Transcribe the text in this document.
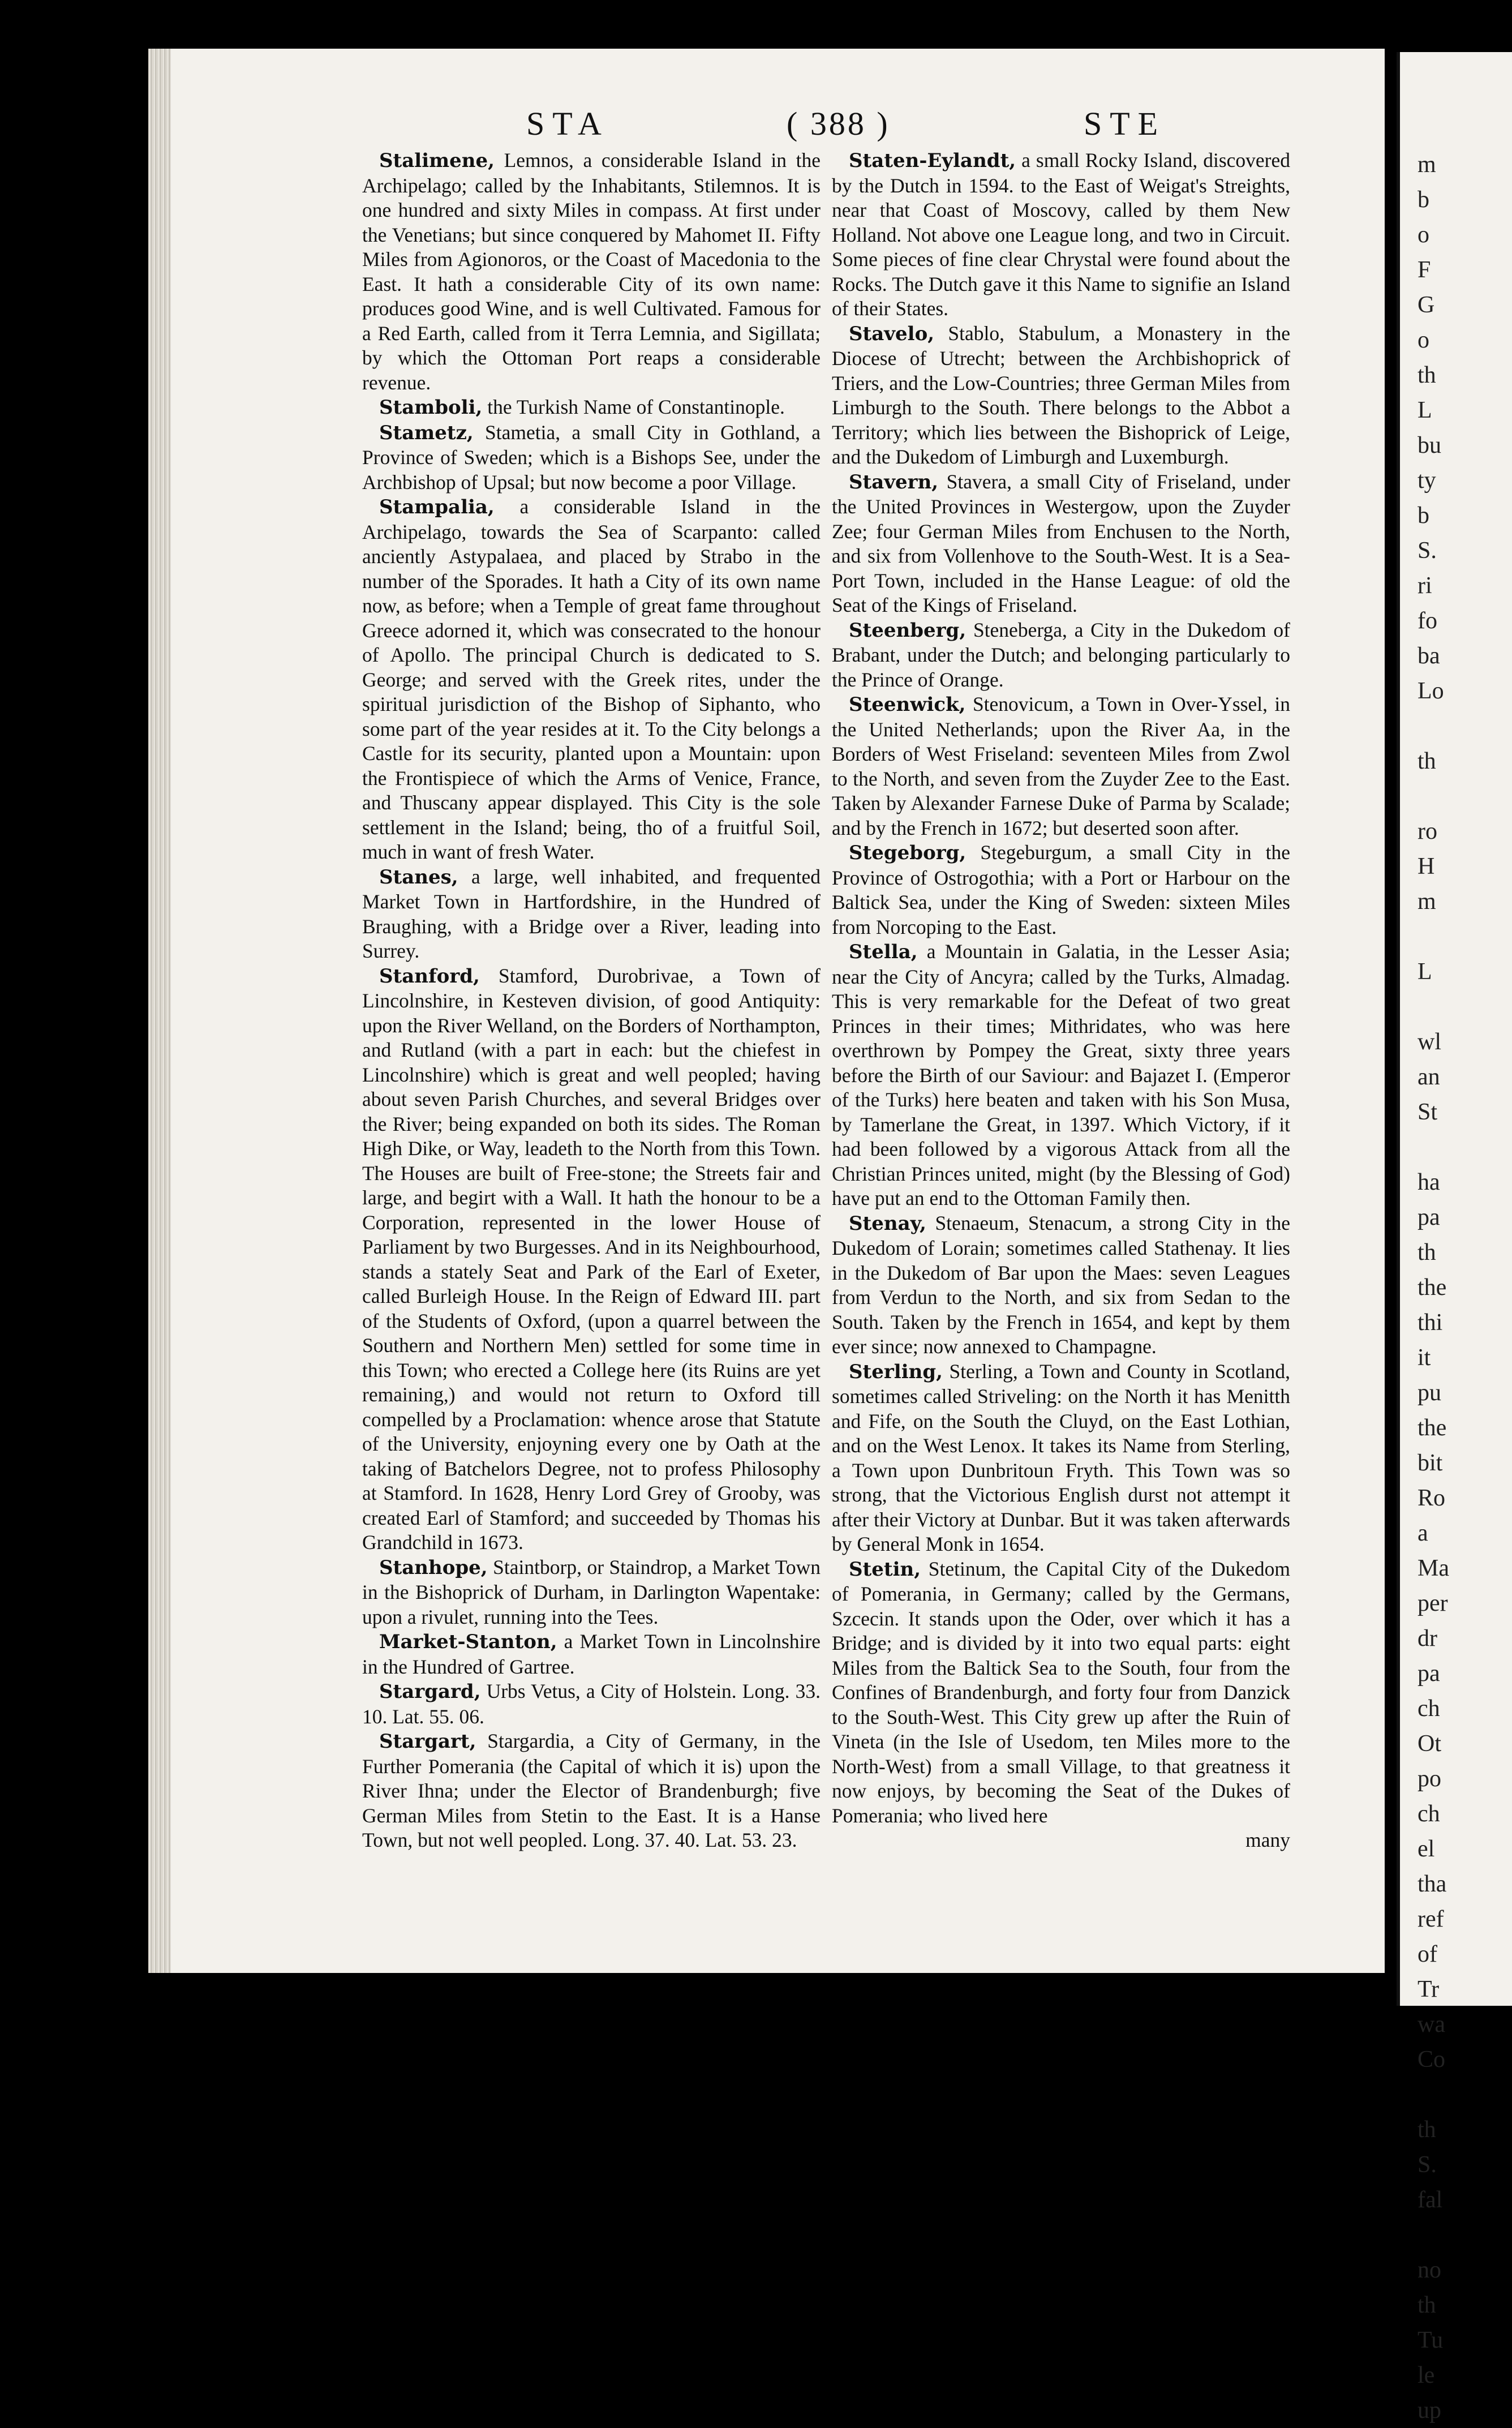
m
b
o
F
G
o
th
L
bu
ty
b
S.
ri
fo
ba
Lo

th

ro
H
m

L

wl
an
St

ha
pa
th
the
thi
it
pu
the
bit
Ro
a
Ma
per
dr
pa
ch
Ot
po
ch
el
tha
ref
of
Tr
wa
Co

th
S.
fal

no
th
Tu
le
up
STA	( 388 )	STE

Stalimene, Lemnos, a considerable Island in the Archipelago; called by the Inhabitants, Stilemnos. It is one hundred and sixty Miles in compass. At first under the Venetians; but since conquered by Mahomet II. Fifty Miles from Agionoros, or the Coast of Macedonia to the East. It hath a considerable City of its own name: produces good Wine, and is well Cultivated. Famous for a Red Earth, called from it Terra Lemnia, and Sigillata; by which the Ottoman Port reaps a considerable revenue.

Stamboli, the Turkish Name of Constantinople.

Stametz, Stametia, a small City in Gothland, a Province of Sweden; which is a Bishops See, under the Archbishop of Upsal; but now become a poor Village.

Stampalia, a considerable Island in the Archipelago, towards the Sea of Scarpanto: called anciently Astypalaea, and placed by Strabo in the number of the Sporades. It hath a City of its own name now, as before; when a Temple of great fame throughout Greece adorned it, which was consecrated to the honour of Apollo. The principal Church is dedicated to S. George; and served with the Greek rites, under the spiritual jurisdiction of the Bishop of Siphanto, who some part of the year resides at it. To the City belongs a Castle for its security, planted upon a Mountain: upon the Frontispiece of which the Arms of Venice, France, and Thuscany appear displayed. This City is the sole settlement in the Island; being, tho of a fruitful Soil, much in want of fresh Water.

Stanes, a large, well inhabited, and frequented Market Town in Hartfordshire, in the Hundred of Braughing, with a Bridge over a River, leading into Surrey.

Stanford, Stamford, Durobrivae, a Town of Lincolnshire, in Kesteven division, of good Antiquity: upon the River Welland, on the Borders of Northampton, and Rutland (with a part in each: but the chiefest in Lincolnshire) which is great and well peopled; having about seven Parish Churches, and several Bridges over the River; being expanded on both its sides. The Roman High Dike, or Way, leadeth to the North from this Town. The Houses are built of Free-stone; the Streets fair and large, and begirt with a Wall. It hath the honour to be a Corporation, represented in the lower House of Parliament by two Burgesses. And in its Neighbourhood, stands a stately Seat and Park of the Earl of Exeter, called Burleigh House. In the Reign of Edward III. part of the Students of Oxford, (upon a quarrel between the Southern and Northern Men) settled for some time in this Town; who erected a College here (its Ruins are yet remaining,) and would not return to Oxford till compelled by a Proclamation: whence arose that Statute of the University, enjoyning every one by Oath at the taking of Batchelors Degree, not to profess Philosophy at Stamford. In 1628, Henry Lord Grey of Grooby, was created Earl of Stamford; and succeeded by Thomas his Grandchild in 1673.

Stanhope, Staintborp, or Staindrop, a Market Town in the Bishoprick of Durham, in Darlington Wapentake: upon a rivulet, running into the Tees.

Market-Stanton, a Market Town in Lincolnshire in the Hundred of Gartree.

Stargard, Urbs Vetus, a City of Holstein. Long. 33. 10. Lat. 55. 06.

Stargart, Stargardia, a City of Germany, in the Further Pomerania (the Capital of which it is) upon the River Ihna; under the Elector of Brandenburgh; five German Miles from Stetin to the East. It is a Hanse Town, but not well peopled. Long. 37. 40. Lat. 53. 23.

Staten-Eylandt, a small Rocky Island, discovered by the Dutch in 1594. to the East of Weigat's Streights, near that Coast of Moscovy, called by them New Holland. Not above one League long, and two in Circuit. Some pieces of fine clear Chrystal were found about the Rocks. The Dutch gave it this Name to signifie an Island of their States.

Stavelo, Stablo, Stabulum, a Monastery in the Diocese of Utrecht; between the Archbishoprick of Triers, and the Low-Countries; three German Miles from Limburgh to the South. There belongs to the Abbot a Territory; which lies between the Bishoprick of Leige, and the Dukedom of Limburgh and Luxemburgh.

Stavern, Stavera, a small City of Friseland, under the United Provinces in Westergow, upon the Zuyder Zee; four German Miles from Enchusen to the North, and six from Vollenhove to the South-West. It is a Sea-Port Town, included in the Hanse League: of old the Seat of the Kings of Friseland.

Steenberg, Steneberga, a City in the Dukedom of Brabant, under the Dutch; and belonging particularly to the Prince of Orange.

Steenwick, Stenovicum, a Town in Over-Yssel, in the United Netherlands; upon the River Aa, in the Borders of West Friseland: seventeen Miles from Zwol to the North, and seven from the Zuyder Zee to the East. Taken by Alexander Farnese Duke of Parma by Scalade; and by the French in 1672; but deserted soon after.

Stegeborg, Stegeburgum, a small City in the Province of Ostrogothia; with a Port or Harbour on the Baltick Sea, under the King of Sweden: sixteen Miles from Norcoping to the East.

Stella, a Mountain in Galatia, in the Lesser Asia; near the City of Ancyra; called by the Turks, Almadag. This is very remarkable for the Defeat of two great Princes in their times; Mithridates, who was here overthrown by Pompey the Great, sixty three years before the Birth of our Saviour: and Bajazet I. (Emperor of the Turks) here beaten and taken with his Son Musa, by Tamerlane the Great, in 1397. Which Victory, if it had been followed by a vigorous Attack from all the Christian Princes united, might (by the Blessing of God) have put an end to the Ottoman Family then.

Stenay, Stenaeum, Stenacum, a strong City in the Dukedom of Lorain; sometimes called Stathenay. It lies in the Dukedom of Bar upon the Maes: seven Leagues from Verdun to the North, and six from Sedan to the South. Taken by the French in 1654, and kept by them ever since; now annexed to Champagne.

Sterling, Sterling, a Town and County in Scotland, sometimes called Striveling: on the North it has Menitth and Fife, on the South the Cluyd, on the East Lothian, and on the West Lenox. It takes its Name from Sterling, a Town upon Dunbritoun Fryth. This Town was so strong, that the Victorious English durst not attempt it after their Victory at Dunbar. But it was taken afterwards by General Monk in 1654.

Stetin, Stetinum, the Capital City of the Dukedom of Pomerania, in Germany; called by the Germans, Szcecin. It stands upon the Oder, over which it has a Bridge; and is divided by it into two equal parts: eight Miles from the Baltick Sea to the South, four from the Confines of Brandenburgh, and forty four from Danzick to the South-West. This City grew up after the Ruin of Vineta (in the Isle of Usedom, ten Miles more to the North-West) from a small Village, to that greatness it now enjoys, by becoming the Seat of the Dukes of Pomerania; who lived here

many
